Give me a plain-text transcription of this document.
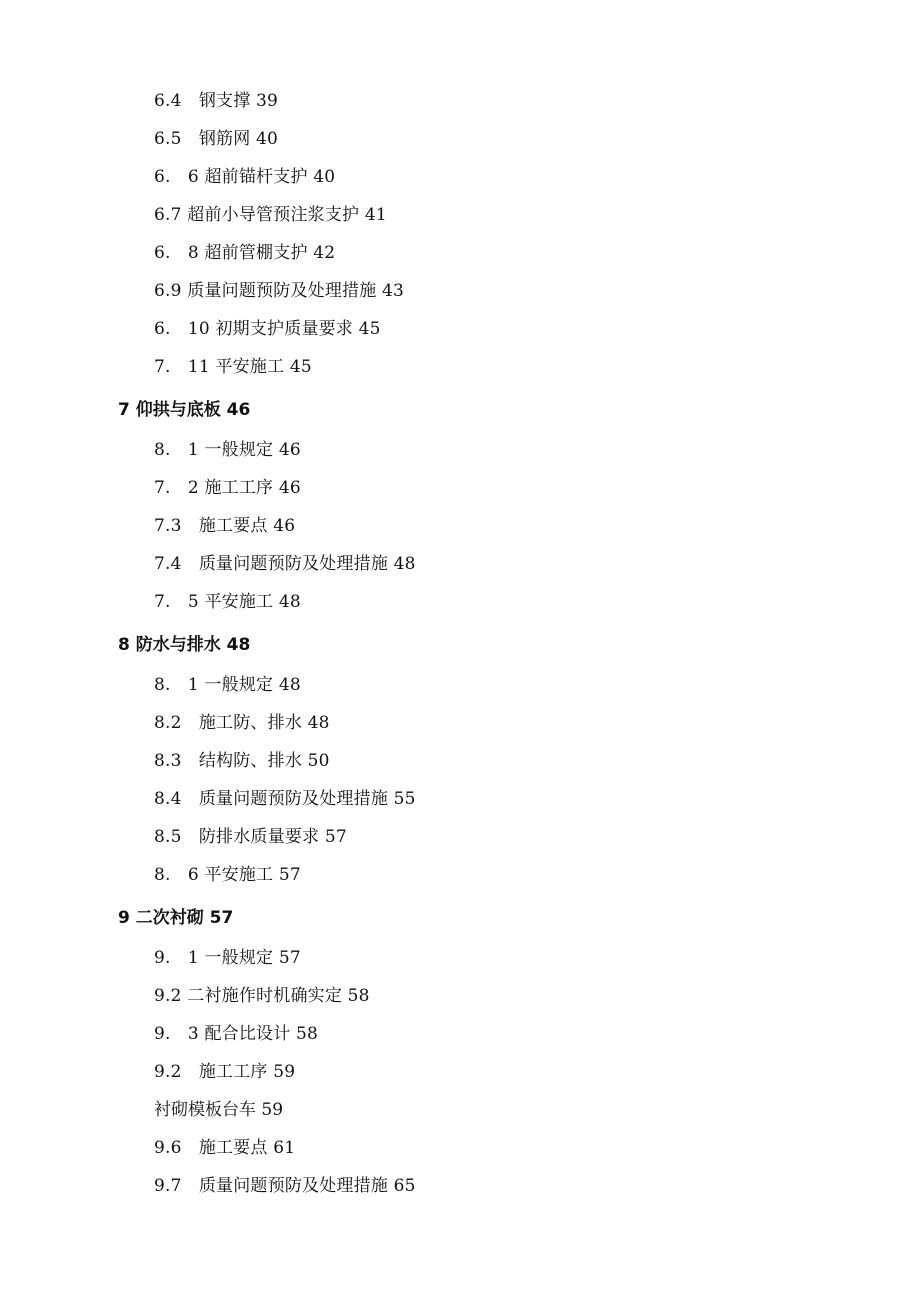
6.4　钢支撑 39
6.5　钢筋网 40
6.　6 超前锚杆支护 40
6.7 超前小导管预注浆支护 41
6.　8 超前管棚支护 42
6.9 质量问题预防及处理措施 43
6.　10 初期支护质量要求 45
7.　11 平安施工 45
7 仰拱与底板 46
8.　1 一般规定 46
7.　2 施工工序 46
7.3　施工要点 46
7.4　质量问题预防及处理措施 48
7.　5 平安施工 48
8 防水与排水 48
8.　1 一般规定 48
8.2　施工防、排水 48
8.3　结构防、排水 50
8.4　质量问题预防及处理措施 55
8.5　防排水质量要求 57
8.　6 平安施工 57
9 二次衬砌 57
9.　1 一般规定 57
9.2 二衬施作时机确实定 58
9.　3 配合比设计 58
9.2　施工工序 59
衬砌模板台车 59
9.6　施工要点 61
9.7　质量问题预防及处理措施 65
